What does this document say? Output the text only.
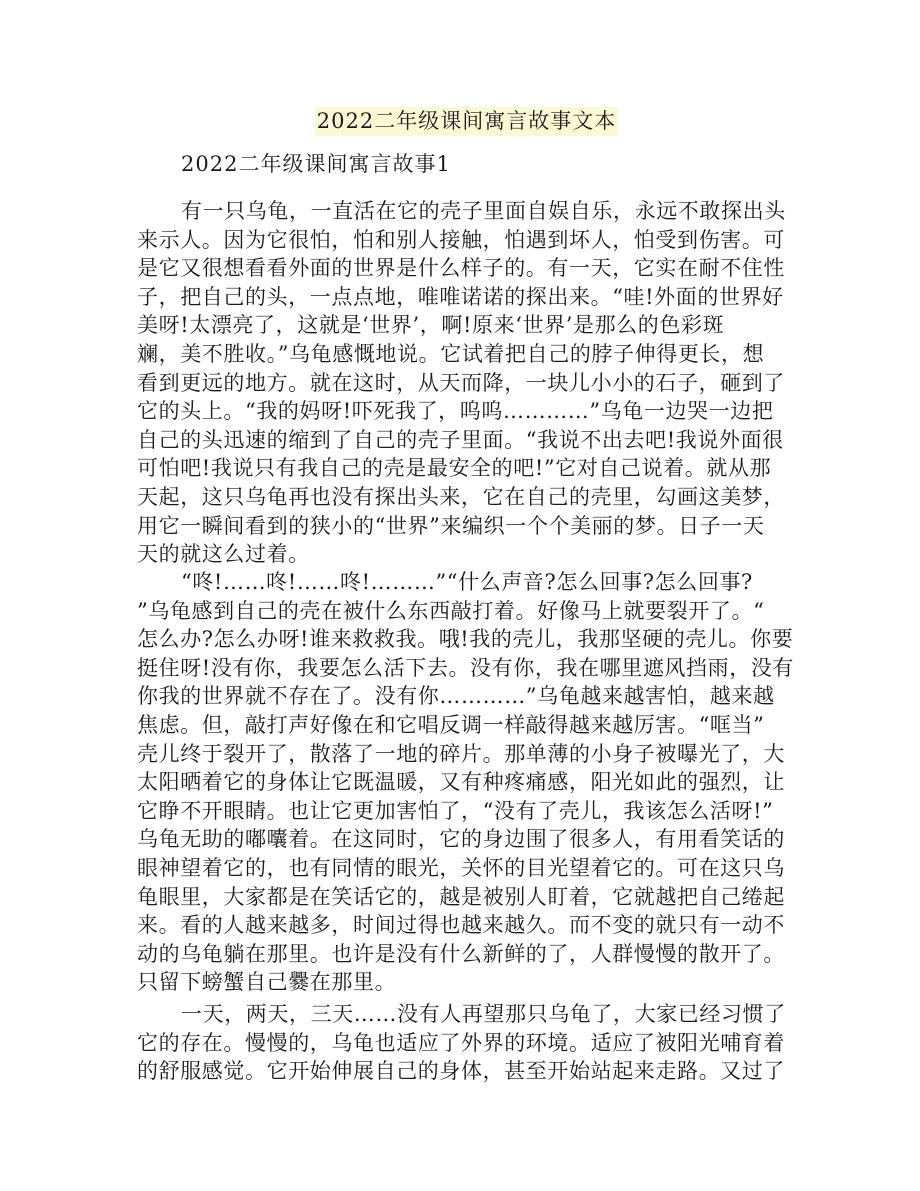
2022二年级课间寓言故事文本
2022二年级课间寓言故事1
有一只乌龟，一直活在它的壳子里面自娱自乐，永远不敢探出头
来示人。因为它很怕，怕和别人接触，怕遇到坏人，怕受到伤害。可
是它又很想看看外面的世界是什么样子的。有一天，它实在耐不住性
子，把自己的头，一点点地，唯唯诺诺的探出来。“哇!外面的世界好
美呀!太漂亮了，这就是‘世界’，啊!原来‘世界’是那么的色彩斑
斓，美不胜收。”乌龟感慨地说。它试着把自己的脖子伸得更长，想
看到更远的地方。就在这时，从天而降，一块儿小小的石子，砸到了
它的头上。“我的妈呀!吓死我了，呜呜…………”乌龟一边哭一边把
自己的头迅速的缩到了自己的壳子里面。“我说不出去吧!我说外面很
可怕吧!我说只有我自己的壳是最安全的吧!”它对自己说着。就从那
天起，这只乌龟再也没有探出头来，它在自己的壳里，勾画这美梦，
用它一瞬间看到的狭小的“世界”来编织一个个美丽的梦。日子一天
天的就这么过着。
“咚!……咚!……咚!………”“什么声音?怎么回事?怎么回事?
”乌龟感到自己的壳在被什么东西敲打着。好像马上就要裂开了。“
怎么办?怎么办呀!谁来救救我。哦!我的壳儿，我那坚硬的壳儿。你要
挺住呀!没有你，我要怎么活下去。没有你，我在哪里遮风挡雨，没有
你我的世界就不存在了。没有你…………”乌龟越来越害怕，越来越
焦虑。但，敲打声好像在和它唱反调一样敲得越来越厉害。“哐当”
壳儿终于裂开了，散落了一地的碎片。那单薄的小身子被曝光了，大
太阳晒着它的身体让它既温暖，又有种疼痛感，阳光如此的强烈，让
它睁不开眼睛。也让它更加害怕了，“没有了壳儿，我该怎么活呀!”
乌龟无助的嘟囔着。在这同时，它的身边围了很多人，有用看笑话的
眼神望着它的，也有同情的眼光，关怀的目光望着它的。可在这只乌
龟眼里，大家都是在笑话它的，越是被别人盯着，它就越把自己绻起
来。看的人越来越多，时间过得也越来越久。而不变的就只有一动不
动的乌龟躺在那里。也许是没有什么新鲜的了，人群慢慢的散开了。
只留下螃蟹自己爨在那里。
一天，两天，三天……没有人再望那只乌龟了，大家已经习惯了
它的存在。慢慢的，乌龟也适应了外界的环境。适应了被阳光哺育着
的舒服感觉。它开始伸展自己的身体，甚至开始站起来走路。又过了
